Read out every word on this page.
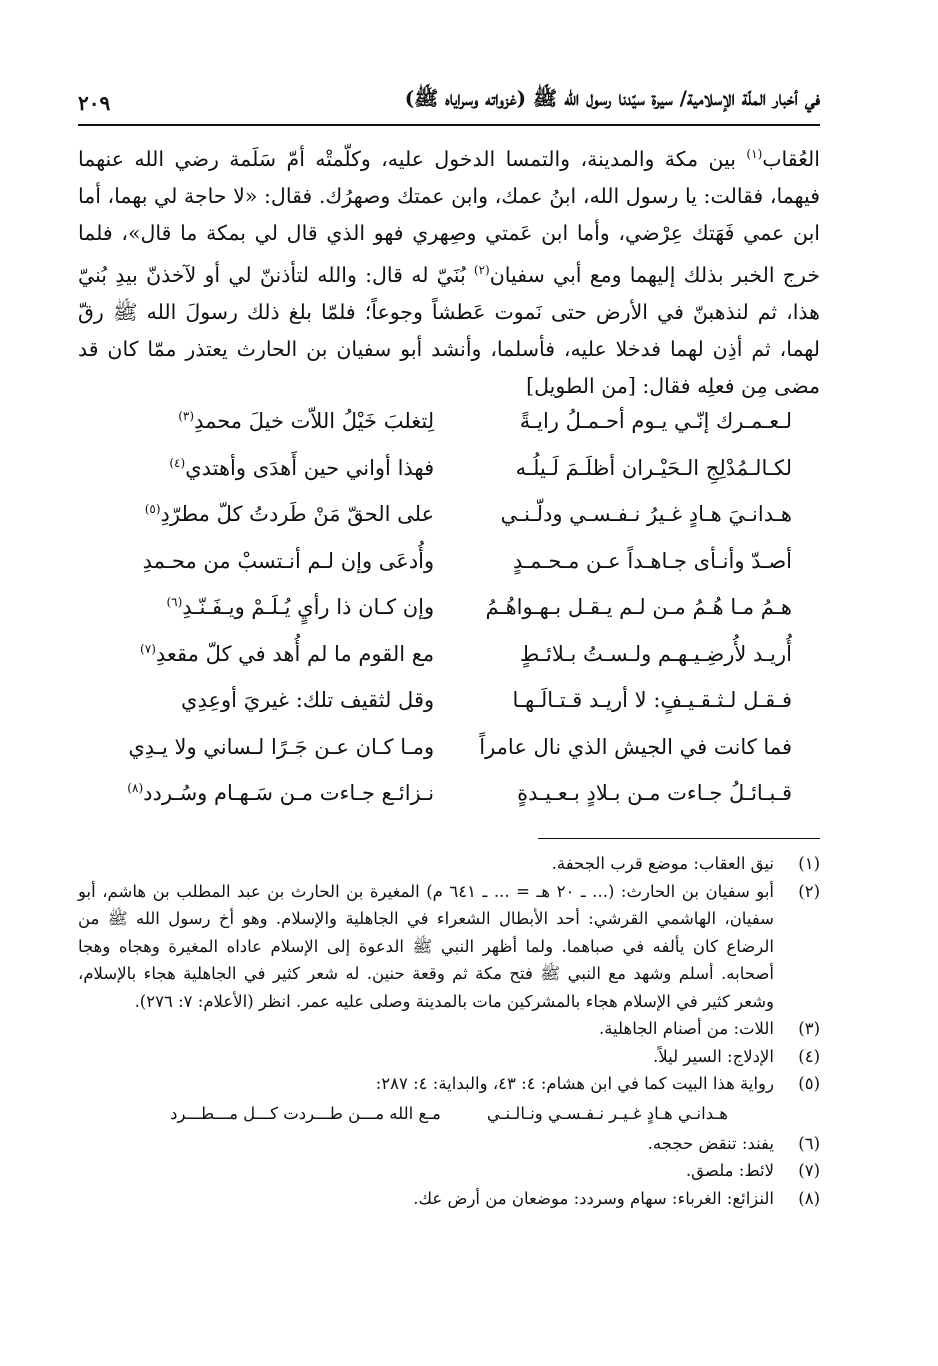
في أخبار الملّة الإسلامية/ سيرة سيّدنا رسول الله ﷺ (غزواته وسراياه ﷺ)
٢٠٩

العُقاب$^{(١)}$ بين مكة والمدينة، والتمسا الدخول عليه، وكلّمتْه أمّ سَلَمة رضي الله عنهما فيهما، فقالت: يا رسول الله، ابنُ عمك، وابن عمتك وصهرُك. فقال: «لا حاجة لي بهما، أما ابن عمي فَهَتك عِرْضي، وأما ابن عَمتي وصِهري فهو الذي قال لي بمكة ما قال»، فلما خرج الخبر بذلك إليهما ومع أبي سفيان$^{(٢)}$ بُنَيّ له قال: والله لتأذننّ لي أو لآخذنّ بيدِ بُنيّ هذا، ثم لنذهبنّ في الأرض حتى نَموت عَطشاً وجوعاً؛ فلمّا بلغ ذلك رسولَ الله ﷺ رقّ لهما، ثم أذِن لهما فدخلا عليه، فأسلما، وأنشد أبو سفيان بن الحارث يعتذر ممّا كان قد مضى مِن فعلِه فقال: [من الطويل]

لـعـمـرك إنّـي يـوم أحـمـلُ رايـةً
لِتغلبَ خَيْلُ اللاّت خيلَ محمدِ$^{(٣)}$
لكـالـمُدْلِجِ الـحَيْـران أظلَـمَ لَـيلُـه
فهذا أواني حين أَهدَى وأهتدي$^{(٤)}$
هـدانـيَ هـادٍ غـيرُ نـفـسـي ودلّـنـي
على الحقّ مَنْ طَردتُ كلّ مطرّدِ$^{(٥)}$
أصـدّ وأنـأى جـاهـداً عـن مـحـمـدٍ
وأُدعَى وإن لـم أنـتسبْ من محـمدِ
هـمُ مـا هُـمُ مـن لـم يـقـل بـهـواهُـمُ
وإن كـان ذا رأيٍ يُـلَـمْ ويـفَـنّـدِ$^{(٦)}$
أُريـد لأُرضِـيـهـم ولـسـتُ بـلائـطٍ
مع القوم ما لم أُهد في كلّ مقعدِ$^{(٧)}$
فـقـل لـثـقـيـفٍ: لا أريـد قـتـالَـهـا
وقل لثقيف تلك: غيريَ أوعِدِي
فما كانت في الجيش الذي نال عامراً
ومـا كـان عـن جَـرًا لـساني ولا يـدِي
قـبـائـلُ جـاءت مـن بـلادٍ بـعـيـدةٍ
نـزائـع جـاءت مـن سَـهـام وسُـردد$^{(٨)}$
(١)
نيق العقاب: موضع قرب الجحفة.
(٢)
أبو سفيان بن الحارث: (... ـ ٢٠ هـ = ... ـ ٦٤١ م) المغيرة بن الحارث بن عبد المطلب بن هاشم، أبو سفيان، الهاشمي القرشي: أحد الأبطال الشعراء في الجاهلية والإسلام. وهو أخ رسول الله ﷺ من الرضاع كان يألفه في صباهما. ولما أظهر النبي ﷺ الدعوة إلى الإسلام عاداه المغيرة وهجاه وهجا أصحابه. أسلم وشهد مع النبي ﷺ فتح مكة ثم وقعة حنين. له شعر كثير في الجاهلية هجاء بالإسلام، وشعر كثير في الإسلام هجاء بالمشركين مات بالمدينة وصلى عليه عمر. انظر (الأعلام: ٧: ٢٧٦).
(٣)
اللات: من أصنام الجاهلية.
(٤)
الإدلاج: السير ليلاً.
(٥)
رواية هذا البيت كما في ابن هشام: ٤: ٤٣، والبداية: ٤: ٢٨٧:
هـدانـي هـادٍ غـيـر نـفـسـي ونـالـنـي
مـع الله مـــن طـــردت كـــل مـــطـــرد
(٦)
يفند: تنقض حججه.
(٧)
لائط: ملصق.
(٨)
النزائع: الغرباء: سهام وسردد: موضعان من أرض عك.
